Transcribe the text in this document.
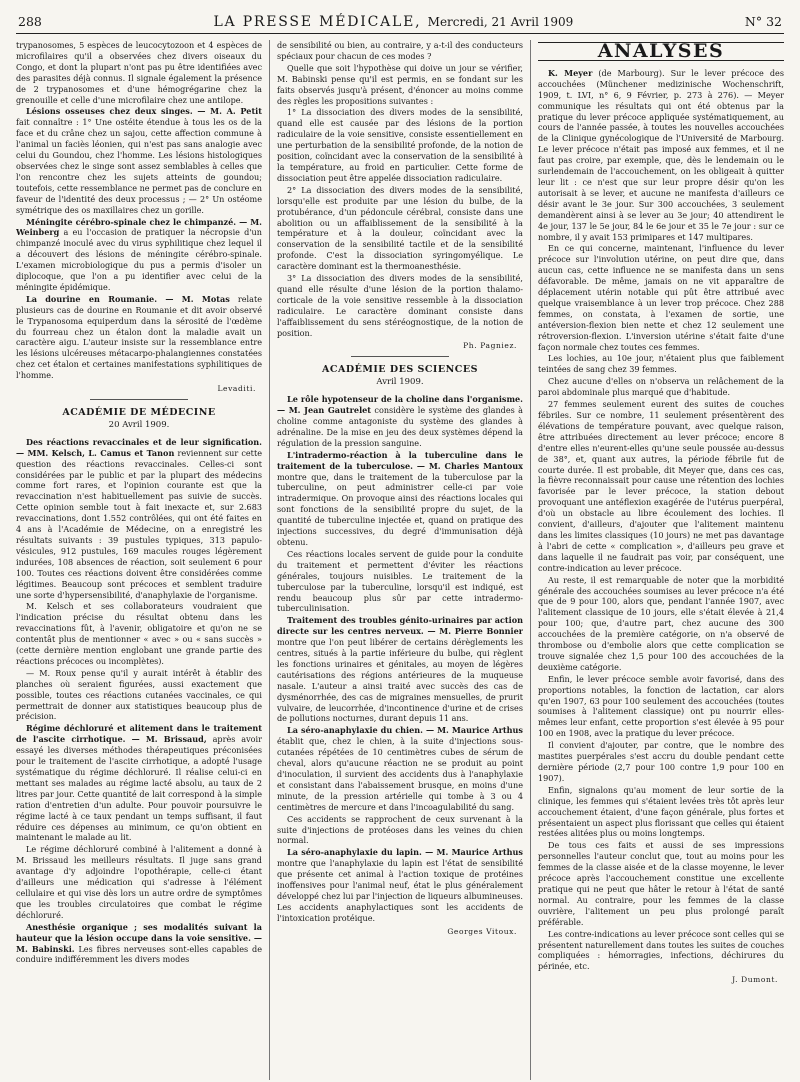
288	LA PRESSE MÉDICALE, Mercredi, 21 Avril 1909	N° 32

trypanosomes, 5 espèces de leucocytozoon et 4 espèces de microfilaires qu'il a observées chez divers oiseaux du Congo, et dont la plupart n'ont pas pu être identifiées avec des parasites déjà connus. Il signale également la présence de 2 trypanosomes et d'une hémogrégarine chez la grenouille et celle d'une microfilaire chez une antilope.

Lésions osseuses chez deux singes. — M. A. Petit fait connaître : 1° Une ostéite étendue à tous les os de la face et du crâne chez un sajou, cette affection commune à l'animal un faciès léonien, qui n'est pas sans analogie avec celui du Goundou, chez l'homme. Les lésions histologiques observées chez le singe sont assez semblables à celles que l'on rencontre chez les sujets atteints de goundou; toutefois, cette ressemblance ne permet pas de conclure en faveur de l'identité des deux processus ; — 2° Un ostéome symétrique des os maxillaires chez un gorille.

Méningite cérébro-spinale chez le chimpanzé. — M. Weinberg a eu l'occasion de pratiquer la nécropsie d'un chimpanzé inoculé avec du virus syphilitique chez lequel il a découvert des lésions de méningite cérébro-spinale. L'examen microbiologique du pus a permis d'isoler un diplocoque, que l'on a pu identifier avec celui de la méningite épidémique.

La dourine en Roumanie. — M. Motas relate plusieurs cas de dourine en Roumanie et dit avoir observé le Trypanosoma equiperdum dans la sérosité de l'œdème du fourreau chez un étalon dont la maladie avait un caractère aigu. L'auteur insiste sur la ressemblance entre les lésions ulcéreuses métacarpo-phalangiennes constatées chez cet étalon et certaines manifestations syphilitiques de l'homme.

Levaditi.
ACADÉMIE DE MÉDECINE
20 Avril 1909.

Des réactions revaccinales et de leur signification. — MM. Kelsch, L. Camus et Tanon reviennent sur cette question des réactions revaccinales. Celles-ci sont considérées par le public et par la plupart des médecins comme fort rares, et l'opinion courante est que la revaccination n'est habituellement pas suivie de succès. Cette opinion semble tout à fait inexacte et, sur 2.683 revaccinations, dont 1.552 contrôlées, qui ont été faites en 4 ans à l'Académie de Médecine, on a enregistré les résultats suivants : 39 pustules typiques, 313 papulo-vésicules, 912 pustules, 169 macules rouges légèrement indurées, 108 absences de réaction, soit seulement 6 pour 100. Toutes ces réactions doivent être considérées comme légitimes. Beaucoup sont précoces et semblent traduire une sorte d'hypersensibilité, d'anaphylaxie de l'organisme.

M. Kelsch et ses collaborateurs voudraient que l'indication précise du résultat obtenu dans les revaccinations fût, à l'avenir, obligatoire et qu'on ne se contentât plus de mentionner « avec » ou « sans succès » (cette dernière mention englobant une grande partie des réactions précoces ou incomplètes).

— M. Roux pense qu'il y aurait intérêt à établir des planches où seraient figurées, aussi exactement que possible, toutes ces réactions cutanées vaccinales, ce qui permettrait de donner aux statistiques beaucoup plus de précision.

Régime déchloruré et alitement dans le traitement de l'ascite cirrhotique. — M. Brissaud, après avoir essayé les diverses méthodes thérapeutiques préconisées pour le traitement de l'ascite cirrhotique, a adopté l'usage systématique du régime déchloruré. Il réalise celui-ci en mettant ses malades au régime lacté absolu, au taux de 2 litres par jour. Cette quantité de lait correspond à la simple ration d'entretien d'un adulte. Pour pouvoir poursuivre le régime lacté à ce taux pendant un temps suffisant, il faut réduire ces dépenses au minimum, ce qu'on obtient en maintenant le malade au lit.

Le régime déchloruré combiné à l'alitement a donné à M. Brissaud les meilleurs résultats. Il juge sans grand avantage d'y adjoindre l'opothérapie, celle-ci étant d'ailleurs une médication qui s'adresse à l'élément cellulaire et qui vise dès lors un autre ordre de symptômes que les troubles circulatoires que combat le régime déchloruré.

Anesthésie organique ; ses modalités suivant la hauteur que la lésion occupe dans la voie sensitive. — M. Babinski. Les fibres nerveuses sont-elles capables de conduire indifféremment les divers modes

de sensibilité ou bien, au contraire, y a-t-il des conducteurs spéciaux pour chacun de ces modes ?

Quelle que soit l'hypothèse qui doive un jour se vérifier, M. Babinski pense qu'il est permis, en se fondant sur les faits observés jusqu'à présent, d'énoncer au moins comme des règles les propositions suivantes :

1° La dissociation des divers modes de la sensibilité, quand elle est causée par des lésions de la portion radiculaire de la voie sensitive, consiste essentiellement en une perturbation de la sensibilité profonde, de la notion de position, coïncidant avec la conservation de la sensibilité à la température, au froid en particulier. Cette forme de dissociation peut être appelée dissociation radiculaire.

2° La dissociation des divers modes de la sensibilité, lorsqu'elle est produite par une lésion du bulbe, de la protubérance, d'un pédoncule cérébral, consiste dans une abolition ou un affaiblissement de la sensibilité à la température et à la douleur, coïncidant avec la conservation de la sensibilité tactile et de la sensibilité profonde. C'est la dissociation syringomyélique. Le caractère dominant est la thermoanesthésie.

3° La dissociation des divers modes de la sensibilité, quand elle résulte d'une lésion de la portion thalamo-corticale de la voie sensitive ressemble à la dissociation radiculaire. Le caractère dominant consiste dans l'affaiblissement du sens stéréognostique, de la notion de position.

Ph. Pagniez.
ACADÉMIE DES SCIENCES
Avril 1909.

Le rôle hypotenseur de la choline dans l'organisme. — M. Jean Gautrelet considère le système des glandes à choline comme antagoniste du système des glandes à adrénaline. De la mise en jeu des deux systèmes dépend la régulation de la pression sanguine.

L'intradermo-réaction à la tuberculine dans le traitement de la tuberculose. — M. Charles Mantoux montre que, dans le traitement de la tuberculose par la tuberculine, on peut administrer celle-ci par voie intradermique. On provoque ainsi des réactions locales qui sont fonctions de la sensibilité propre du sujet, de la quantité de tuberculine injectée et, quand on pratique des injections successives, du degré d'immunisation déjà obtenu.

Ces réactions locales servent de guide pour la conduite du traitement et permettent d'éviter les réactions générales, toujours nuisibles. Le traitement de la tuberculose par la tuberculine, lorsqu'il est indiqué, est rendu beaucoup plus sûr par cette intradermo-tuberculinisation.

Traitement des troubles génito-urinaires par action directe sur les centres nerveux. — M. Pierre Bonnier montre que l'on peut libérer de certains dérèglements les centres, situés à la partie inférieure du bulbe, qui règlent les fonctions urinaires et génitales, au moyen de légères cautérisations des régions antérieures de la muqueuse nasale. L'auteur a ainsi traité avec succès des cas de dysménorrhée, des cas de migraines mensuelles, de prurit vulvaire, de leucorrhée, d'incontinence d'urine et de crises de pollutions nocturnes, durant depuis 11 ans.

La séro-anaphylaxie du chien. — M. Maurice Arthus établit que, chez le chien, à la suite d'injections sous-cutanées répétées de 10 centimètres cubes de sérum de cheval, alors qu'aucune réaction ne se produit au point d'inoculation, il survient des accidents dus à l'anaphylaxie et consistant dans l'abaissement brusque, en moins d'une minute, de la pression artérielle qui tombe à 3 ou 4 centimètres de mercure et dans l'incoagulabilité du sang.

Ces accidents se rapprochent de ceux survenant à la suite d'injections de protéoses dans les veines du chien normal.

La séro-anaphylaxie du lapin. — M. Maurice Arthus montre que l'anaphylaxie du lapin est l'état de sensibilité que présente cet animal à l'action toxique de protéines inoffensives pour l'animal neuf, état le plus généralement développé chez lui par l'injection de liqueurs albumineuses. Les accidents anaphylactiques sont les accidents de l'intoxication protéique.

Georges Vitoux.
ANALYSES

K. Meyer (de Marbourg). Sur le lever précoce des accouchées (Münchener medizinische Wochenschrift, 1909, t. LVI, n° 6, 9 Février, p. 273 à 276). — Meyer communique les résultats qui ont été obtenus par la pratique du lever précoce appliquée systématiquement, au cours de l'année passée, à toutes les nouvelles accouchées de la Clinique gynécologique de l'Université de Marbourg. Le lever précoce n'était pas imposé aux femmes, et il ne faut pas croire, par exemple, que, dès le lendemain ou le surlendemain de l'accouchement, on les obligeait à quitter leur lit : ce n'est que sur leur propre désir qu'on les autorisait à se lever, et aucune ne manifesta d'ailleurs ce désir avant le 3e jour. Sur 300 accouchées, 3 seulement demandèrent ainsi à se lever au 3e jour; 40 attendirent le 4e jour, 137 le 5e jour, 84 le 6e jour et 35 le 7e jour : sur ce nombre, il y avait 153 primipares et 147 multipares.

En ce qui concerne, maintenant, l'influence du lever précoce sur l'involution utérine, on peut dire que, dans aucun cas, cette influence ne se manifesta dans un sens défavorable. De même, jamais on ne vit apparaître de déplacement utérin notable qui pût être attribué avec quelque vraisemblance à un lever trop précoce. Chez 288 femmes, on constata, à l'examen de sortie, une antéversion-flexion bien nette et chez 12 seulement une rétroversion-flexion. L'inversion utérine s'était faite d'une façon normale chez toutes ces femmes.

Les lochies, au 10e jour, n'étaient plus que faiblement teintées de sang chez 39 femmes.

Chez aucune d'elles on n'observa un relâchement de la paroi abdominale plus marqué que d'habitude.

27 femmes seulement eurent des suites de couches fébriles. Sur ce nombre, 11 seulement présentèrent des élévations de température pouvant, avec quelque raison, être attribuées directement au lever précoce; encore 8 d'entre elles n'eurent-elles qu'une seule poussée au-dessus de 38°, et, quant aux autres, la période fébrile fut de courte durée. Il est probable, dit Meyer que, dans ces cas, la fièvre reconnaissait pour cause une rétention des lochies favorisée par le lever précoce, la station debout provoquant une antéflexion exagérée de l'utérus puerpéral, d'où un obstacle au libre écoulement des lochies. Il convient, d'ailleurs, d'ajouter que l'alitement maintenu dans les limites classiques (10 jours) ne met pas davantage à l'abri de cette « complication », d'ailleurs peu grave et dans laquelle il ne faudrait pas voir, par conséquent, une contre-indication au lever précoce.

Au reste, il est remarquable de noter que la morbidité générale des accouchées soumises au lever précoce n'a été que de 9 pour 100, alors que, pendant l'année 1907, avec l'alitement classique de 10 jours, elle s'était élevée à 21,4 pour 100; que, d'autre part, chez aucune des 300 accouchées de la première catégorie, on n'a observé de thrombose ou d'embolie alors que cette complication se trouve signalée chez 1,5 pour 100 des accouchées de la deuxième catégorie.

Enfin, le lever précoce semble avoir favorisé, dans des proportions notables, la fonction de lactation, car alors qu'en 1907, 63 pour 100 seulement des accouchées (toutes soumises à l'alitement classique) ont pu nourrir elles-mêmes leur enfant, cette proportion s'est élevée à 95 pour 100 en 1908, avec la pratique du lever précoce.

Il convient d'ajouter, par contre, que le nombre des mastites puerpérales s'est accru du double pendant cette dernière période (2,7 pour 100 contre 1,9 pour 100 en 1907).

Enfin, signalons qu'au moment de leur sortie de la clinique, les femmes qui s'étaient levées très tôt après leur accouchement étaient, d'une façon générale, plus fortes et présentaient un aspect plus florissant que celles qui étaient restées alitées plus ou moins longtemps.

De tous ces faits et aussi de ses impressions personnelles l'auteur conclut que, tout au moins pour les femmes de la classe aisée et de la classe moyenne, le lever précoce après l'accouchement constitue une excellente pratique qui ne peut que hâter le retour à l'état de santé normal. Au contraire, pour les femmes de la classe ouvrière, l'alitement un peu plus prolongé paraît préférable.

Les contre-indications au lever précoce sont celles qui se présentent naturellement dans toutes les suites de couches compliquées : hémorragies, infections, déchirures du périnée, etc.

J. Dumont.
